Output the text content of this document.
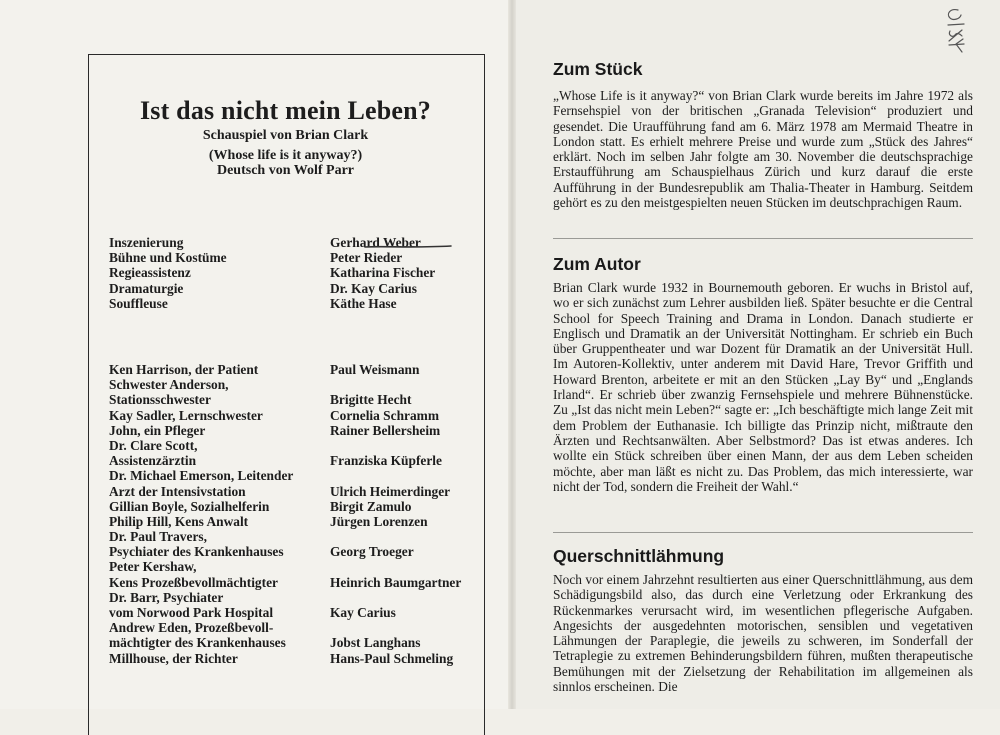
Ist das nicht mein Leben?

Schauspiel von Brian Clark

(Whose life is it anyway?)

Deutsch von Wolf Parr

Inszenierung	Gerhard Weber
Bühne und Kostüme	Peter Rieder
Regieassistenz	Katharina Fischer
Dramaturgie	Dr. Kay Carius
Souffleuse	Käthe Hase
Ken Harrison, der Patient	Paul Weismann
Schwester Anderson,
Stationsschwester	Brigitte Hecht
Kay Sadler, Lernschwester	Cornelia Schramm
John, ein Pfleger	Rainer Bellersheim
Dr. Clare Scott,
Assistenzärztin	Franziska Küpferle
Dr. Michael Emerson, Leitender
Arzt der Intensivstation	Ulrich Heimerdinger
Gillian Boyle, Sozialhelferin	Birgit Zamulo
Philip Hill, Kens Anwalt	Jürgen Lorenzen
Dr. Paul Travers,
Psychiater des Krankenhauses	Georg Troeger
Peter Kershaw,
Kens Prozeßbevollmächtigter	Heinrich Baumgartner
Dr. Barr, Psychiater
vom Norwood Park Hospital	Kay Carius
Andrew Eden, Prozeßbevoll-
mächtigter des Krankenhauses	Jobst Langhans
Millhouse, der Richter	Hans-Paul Schmeling
Zum Stück

„Whose Life is it anyway?“ von Brian Clark wurde bereits im Jahre 1972 als Fernsehspiel von der britischen „Granada Television“ produziert und gesendet. Die Uraufführung fand am 6. März 1978 am Mermaid Theatre in London statt. Es erhielt mehrere Preise und wurde zum „Stück des Jahres“ erklärt. Noch im selben Jahr folgte am 30. November die deutschsprachige Erstaufführung am Schauspielhaus Zürich und kurz darauf die erste Aufführung in der Bundesrepublik am Thalia-Theater in Hamburg. Seitdem gehört es zu den meistgespielten neuen Stücken im deutschprachigen Raum.

Zum Autor

Brian Clark wurde 1932 in Bournemouth geboren. Er wuchs in Bristol auf, wo er sich zunächst zum Lehrer ausbilden ließ. Später besuchte er die Central School for Speech Training and Drama in London. Danach studierte er Englisch und Dramatik an der Universität Nottingham. Er schrieb ein Buch über Gruppentheater und war Dozent für Dramatik an der Universität Hull. Im Autoren-Kollektiv, unter anderem mit David Hare, Trevor Griffith und Howard Brenton, arbeitete er mit an den Stücken „Lay By“ und „Englands Irland“. Er schrieb über zwanzig Fernsehspiele und mehrere Bühnenstücke. Zu „Ist das nicht mein Leben?“ sagte er: „Ich beschäftigte mich lange Zeit mit dem Problem der Euthanasie. Ich billigte das Prinzip nicht, mißtraute den Ärzten und Rechtsanwälten. Aber Selbstmord? Das ist etwas anderes. Ich wollte ein Stück schreiben über einen Mann, der aus dem Leben scheiden möchte, aber man läßt es nicht zu. Das Problem, das mich interessierte, war nicht der Tod, sondern die Freiheit der Wahl.“

Querschnittlähmung

Noch vor einem Jahrzehnt resultierten aus einer Querschnittlähmung, aus dem Schädigungsbild also, das durch eine Verletzung oder Erkrankung des Rückenmarkes verursacht wird, im wesentlichen pflegerische Aufgaben. Angesichts der ausgedehnten motorischen, sensiblen und vegetativen Lähmungen der Paraplegie, die jeweils zu schweren, im Sonderfall der Tetraplegie zu extremen Behinderungsbildern führen, mußten therapeutische Bemühungen mit der Zielsetzung der Rehabilitation im allgemeinen als sinnlos erscheinen. Die
